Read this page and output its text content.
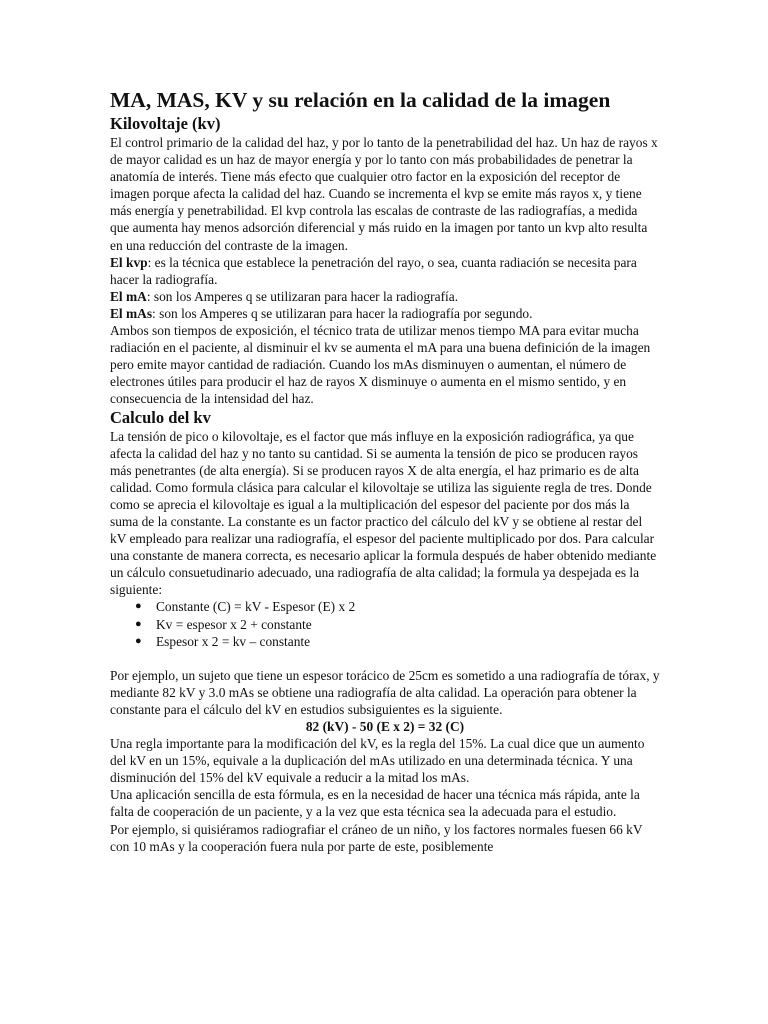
MA, MAS, KV y su relación en la calidad de la imagen
Kilovoltaje (kv)

El control primario de la calidad del haz, y por lo tanto de la penetrabilidad del haz. Un haz de rayos x de mayor calidad es un haz de mayor energía y por lo tanto con más probabilidades de penetrar la anatomía de interés. Tiene más efecto que cualquier otro factor en la exposición del receptor de imagen porque afecta la calidad del haz. Cuando se incrementa el kvp se emite más rayos x, y tiene más energía y penetrabilidad. El kvp controla las escalas de contraste de las radiografías, a medida que aumenta hay menos adsorción diferencial y más ruido en la imagen por tanto un kvp alto resulta en una reducción del contraste de la imagen.

El kvp: es la técnica que establece la penetración del rayo, o sea, cuanta radiación se necesita para hacer la radiografía.

El mA: son los Amperes q se utilizaran para hacer la radiografía.

El mAs: son los Amperes q se utilizaran para hacer la radiografía por segundo.

Ambos son tiempos de exposición, el técnico trata de utilizar menos tiempo MA para evitar mucha radiación en el paciente, al disminuir el kv se aumenta el mA para una buena definición de la imagen pero emite mayor cantidad de radiación. Cuando los mAs disminuyen o aumentan, el número de electrones útiles para producir el haz de rayos X disminuye o aumenta en el mismo sentido, y en consecuencia de la intensidad del haz.

Calculo del kv

La tensión de pico o kilovoltaje, es el factor que más influye en la exposición radiográfica, ya que afecta la calidad del haz y no tanto su cantidad. Si se aumenta la tensión de pico se producen rayos más penetrantes (de alta energía). Si se producen rayos X de alta energía, el haz primario es de alta calidad. Como formula clásica para calcular el kilovoltaje se utiliza las siguiente regla de tres. Donde como se aprecia el kilovoltaje es igual a la multiplicación del espesor del paciente por dos más la suma de la constante. La constante es un factor practico del cálculo del kV y se obtiene al restar del kV empleado para realizar una radiografía, el espesor del paciente multiplicado por dos. Para calcular una constante de manera correcta, es necesario aplicar la formula después de haber obtenido mediante un cálculo consuetudinario adecuado, una radiografía de alta calidad; la formula ya despejada es la siguiente:

● Constante (C) = kV - Espesor (E) x 2
● Kv = espesor x 2 + constante
● Espesor x 2 = kv – constante

Por ejemplo, un sujeto que tiene un espesor torácico de 25cm es sometido a una radiografía de tórax, y mediante 82 kV y 3.0 mAs se obtiene una radiografía de alta calidad. La operación para obtener la constante para el cálculo del kV en estudios subsiguientes es la siguiente.

82 (kV) - 50 (E x 2) = 32 (C)

Una regla importante para la modificación del kV, es la regla del 15%. La cual dice que un aumento del kV en un 15%, equivale a la duplicación del mAs utilizado en una determinada técnica. Y una disminución del 15% del kV equivale a reducir a la mitad los mAs.

Una aplicación sencilla de esta fórmula, es en la necesidad de hacer una técnica más rápida, ante la falta de cooperación de un paciente, y a la vez que esta técnica sea la adecuada para el estudio.

Por ejemplo, si quisiéramos radiografiar el cráneo de un niño, y los factores normales fuesen 66 kV con 10 mAs y la cooperación fuera nula por parte de este, posiblemente
